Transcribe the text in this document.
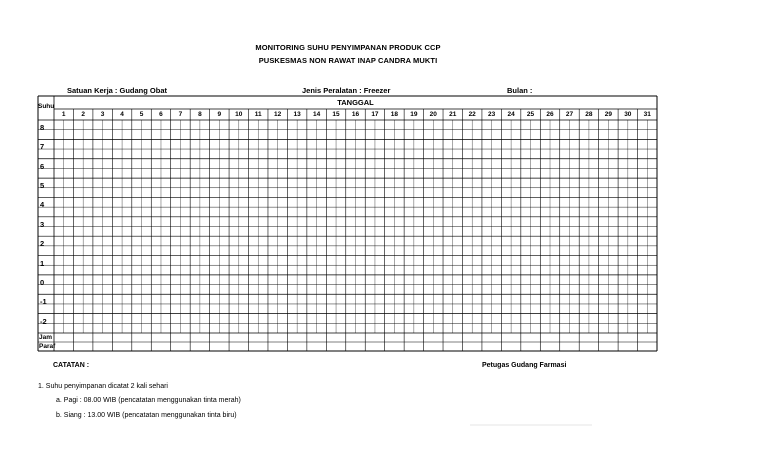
MONITORING SUHU PENYIMPANAN PRODUK CCP
PUSKESMAS NON RAWAT INAP CANDRA MUKTI
Satuan Kerja : Gudang Obat	Jenis Peralatan : Freezer	Bulan :
Suhu	TANGGAL
1	2	3	4	5	6	7	8	9	10	11	12	13	14	15	16	17	18	19	20	21	22	23	24	25	26	27	28	29	30	31
8
7
6
5
4
3
2
1
0
-1
-2
Jam
Paraf
CATATAN :	Petugas Gudang Farmasi
1. Suhu penyimpanan dicatat 2 kali sehari
a. Pagi : 08.00 WIB (pencatatan menggunakan tinta merah)
b. Siang : 13.00 WIB (pencatatan menggunakan tinta biru)
